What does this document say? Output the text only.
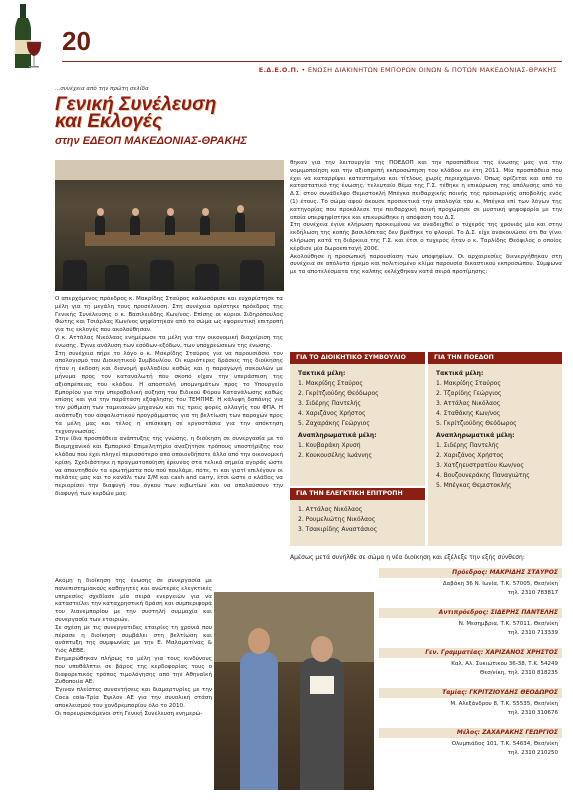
20
Ε.Δ.Ε.Ο.Π. • ΕΝΩΣΗ ΔΙΑΚΙΝΗΤΩΝ ΕΜΠΟΡΩΝ ΟΙΝΩΝ & ΠΟΤΩΝ ΜΑΚΕΔΟΝΙΑΣ-ΘΡΑΚΗΣ
...συνέχεια από την πρώτη σελίδα
Γενική Συνέλευση
και Εκλογές
στην ΕΔΕΟΠ ΜΑΚΕΔΟΝΙΑΣ-ΘΡΑΚΗΣ

Ο απερχόμενος πρόεδρος κ. Μακρίδης Σταύρος καλωσόρισε και ευχαρίστησε τα μέλη για τη μεγάλη τους προσέλευση. Στη συνέχεια ορίστηκε πρόεδρος της Γενικής Συνέλευσης ο κ. Βασιλειάδης Κων/νος. Επίσης οι κύριοι Σιδηρόπουλος Φώτης και Τσιάρλας Κων/νος ψηφίστηκαν από το σώμα ως εφορευτική επιτροπή για τις εκλογές που ακολούθησαν.

Ο κ. Αττάλας Νικόλαος ενημέρωσε τα μέλη για την οικονομική διαχείριση της ένωσης. Έγινε ανάλυση των εσόδων-εξόδων, των υποχρεώσεων της ένωσης.

Στη συνέχεια πήρε το λόγο ο κ. Μακρίδης Σταύρος για να παρουσιάσει τον απολογισμό του Διοικητικού Συμβουλίου. Οι κυριότερες δράσεις της διοίκησης ήταν η έκδοση και διανομή φυλλαδίου καθώς και η παραγωγή σακουλών με μήνυμα προς τον καταναλωτή που σκοπό είχαν την υπεράσπιση της αξιοπρέπειας του κλάδου. Η αποστολή υπομνημάτων προς το Υπουργείο Εμπορίου για την υπεροβολική αύξηση του Ειδικού Φόρου Κατανάλωσης καθώς επίσης και για την παράταση εξόφλησης του ΤΕΜΠΜΕ. Η κάλυψη δαπάνης για την ρύθμιση των ταμειακών μηχανών και τις τρεις φορές αλλαγής του ΦΠΑ. Η ανάπτυξη του ασφαλιστικού προγράμματος για τη βελτίωση των παροχών προς τα μέλη μας και τέλος η επίσκεψη σε εργοστάσια για την απόκτηση τεχνογνωσίας.

Στην ίδια προσπάθεια ανάπτυξης της γνώσης, η διοίκηση σε συνεργασία με το Βιομηχανικό και Εμπορικό Επιμελητήριο αναζήτησε τρόπους υποστήριξης του κλάδου που έχει πληγεί περισσότερο από οποιονδήποτε άλλο από την οικονομική κρίση. Σχεδιάστηκε η πραγματοποίηση έρευνας στα τελικά σημεία αγοράς ώστε να απαντηθούν τα ερωτήματα που πού πουλάμε, πότε, τι και γιατί επιλέγουν οι πελάτες μας και το κανάλι των Σ/Μ και cash and carry, έτσι ώστε ο κλάδος να περιορίσει την διαφυγή του όγκου των κιβωτίων και να απολαύσουν την διαφυγή των κερδών μας.

Ακόμη η διοίκηση της ένωσης σε συνεργασία με πανεπιστημιακούς καθηγητές και ανώτερες ελεγκτικές υπηρεσίες σχεδίασε μία σειρά ενεργειών για να καταστείλει την καταχρηστική δράση και συμπεριφορά του λιανεμπορίου με την συστηλή συμμαχία και συνεργασία των εταιριών.

Σε σχέση με τις συνεργατιδες εταιρίες τη χρονιά που πέρασε η διοίκηση συμβάλει στη βελτίωση και ανάπτυξη της συμφωνίας με την Ε. Μαλαματίνας & Υιός ΑΕΒΕ.

Ενημερώθηκαν πλήρως τα μέλη για τους κινδύνους που υποθάλπτει σε βάρος της κερδοφορίας τους ο διαφορετικός τρόπος τιμολόγησης από την Αθηναϊκή Ζυθοποιία ΑΕ.

Έγιναν πλείστες συναντήσεις και διαμαρτυρίες με την Coca cola-Τρία Έψιλον ΑΕ για την συνολική στάση αποκλεισμού του χονδρεμπορίου όλο το 2010.

Οι παρευρισκόμενοι στη Γενική Συνέλευση ενημερώ-

θηκαν για την λειτουργία της ΠΟΕΔΟΠ και την προσπάθεια της ένωσης μας για την νομιμοποίηση και την αξιοπρεπή εκπροσώπηση του κλάδου εν έτη 2011. Μία προσπάθεια που έχει να καταρρίψει κατεστημένα και τίτλους χωρίς περιεχόμενο. Όπως ορίζεται και από το καταστατικό της ένωσης, τελευταίο θέμα της Γ.Σ. τέθηκε η επικύρωση της απόλυσης από το Δ.Σ. στον συνάδελφο Θεμιστοκλή Μπέγκα πειθαρχικής ποινής της προσωρινής αποβολής ενός (1) έτους. Το σώμα αφού άκουσε προσεκτικά την απολογία του κ. Μπέγκα επί των λόγων της κατηγορίας που προκάλεσε την πειθαρχική ποινή προχώρησε σε μυστική ψηφοφορία με την οποία υπερψηφίστηκε και επικυρώθηκε η απόφαση του Δ.Σ.

Στη συνέχεια έγινε κλήρωση προκειμένου να αναδειχθεί ο τυχερός της χρονιάς μία και στην εκδήλωση της κοπής βασιλόπιτας δεν βρέθηκε το φλουρί. Το Δ.Σ. είχε ανακοινώσει ότι θα γίνει κλήρωση κατά τη διάρκεια της Γ.Σ. και έτσι ο τυχερός ήταν ο κ. Ταρλίδης Θεόφιλος ο οποίος κέρδισε μία δωροεπιταγή 200€.

Ακολούθησε η προσωπική παρουσίαση των υποψηφίων. Οι αρχαιρεσίες διενεργήθηκαν στη συνέχεια σε απόλυτα ήρεμο και πολιτισμένο κλίμα παρουσία δικαστικού εκπροσώπου. Σύμφωνα με τα αποτελέσματα της καλπης εκλέχθηκαν κατά σειρά προτίμησης:

ΓΙΑ ΤΟ ΔΙΟΙΚΗΤΙΚΟ ΣΥΜΒΟΥΛΙΟ
Τακτικά μέλη:
1. Μακρίδης Σταύρος
2. Γκρίτζιούδης Θεόδωρος
3. Σιδέρης Παντελής
4. Χαριζάνος Χρήστος
5. Ζαχαράκης Γεώργιος
Αναπληρωματικά μέλη:
1. Κουβαράκη Χρυσή
2. Κουκουσέλης Ιωάννης
ΓΙΑ ΤΗΝ ΕΛΕΓΚΤΙΚΗ ΕΠΙΤΡΟΠΗ
1. Αττάλας Νικόλαος
2. Ρουμελιώτης Νικόλαος
3. Τσακιρίδης Αναστάσιος
ΓΙΑ ΤΗΝ ΠΟΕΔΟΠ
Τακτικά μέλη:
1. Μακρίδης Σταύρος
2. Τζαρίδης Γεώργιος
3. Αττάλας Νικόλαος
4. Σταθάκης Κων/νος
5. Γκρίτζιούδης Θεόδωρος
Αναπληρωματικά μέλη:
1. Σιδέρης Παντελής
2. Χαριζάνος Χρήστος
3. Χατζηευστρατίου Κων/νος
4. Βουζουνεράκης Παναγιώτης
5. Μπέγκας Θεμιστοκλής
Αμέσως μετά συνήλθε σε σώμα η νέα διοίκηση και εξέλεξε την εξής σύνθεση:
Πρόεδρος: ΜΑΚΡΙΔΗΣ ΣΤΑΥΡΟΣ
Δαβάκη 36 Ν. Ιωνία, Τ.Κ. 57005, Θεσ/νίκη
τηλ. 2310 783817
Αντιπρόεδρος: ΣΙΔΕΡΗΣ ΠΑΝΤΕΛΗΣ
Ν. Μεσημβρια, Τ.Κ. 57011, Θεσ/νίκη
τηλ. 2310 713339
Γεν. Γραμματέας: ΧΑΡΙΖΑΝΟΣ ΧΡΗΣΤΟΣ
Καλ. Αλ. Συκιώτικου 36-38, Τ.Κ. 54249
Θεσ/νίκη, τηλ. 2310 818235
Ταμίας: ΓΚΡΙΤΖΙΟΥΔΗΣ ΘΕΟΔΩΡΟΣ
Μ. Αλεξάνδρου 8, Τ.Κ. 55535, Θεσ/νίκη
τηλ. 2310 310676
Μέλος: ΖΑΧΑΡΑΚΗΣ ΓΕΩΡΓΙΟΣ
Ολυμπιάδος 101, Τ.Κ. 54634, Θεσ/νίκη
τηλ. 2310 210250
